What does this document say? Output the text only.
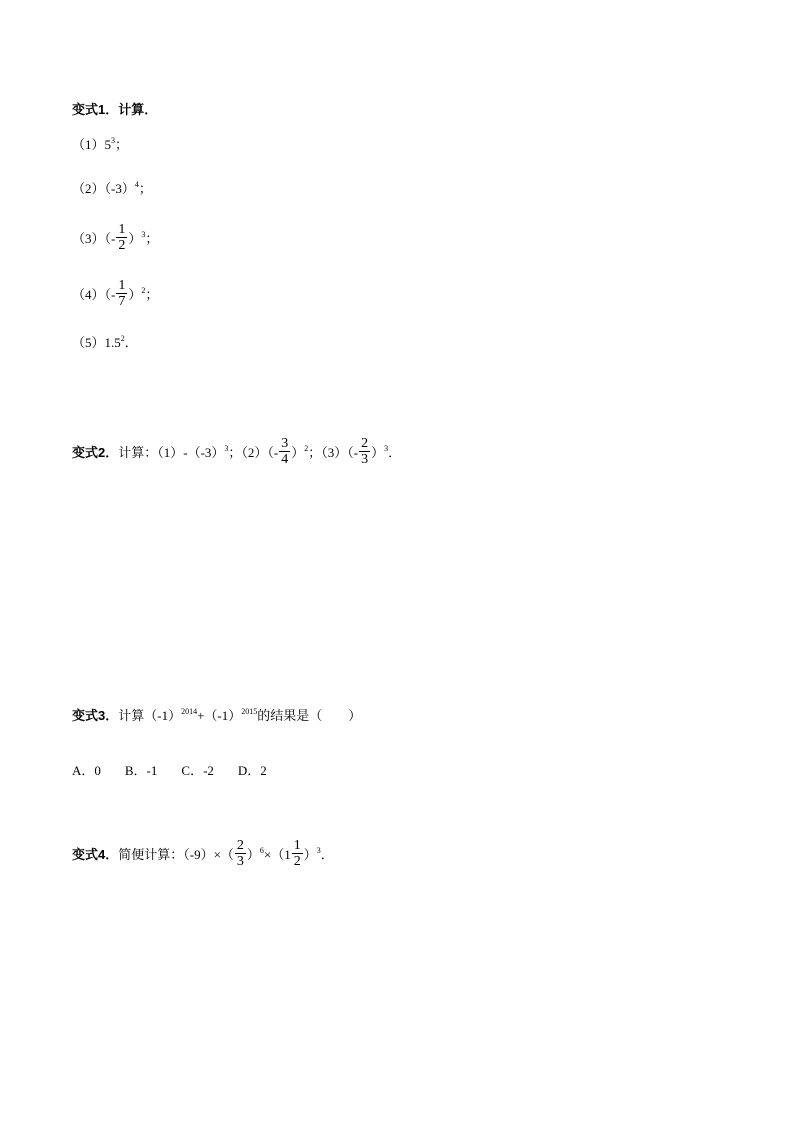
变式1．计算．
$(1)5^3$ ；
$(2)(-3)^4$ ；
$(3)(- \frac{1}{2} )^3$ ；
$(4)(- \frac{1}{7} )^2$ ；
$(5)1.5^2$ ．
变式2． 计算：$(1)-(-3)^3$ ；$(2)(- \frac{3}{4} )^2$ ；$(3)(- \frac{2}{3} )^3$ ．
变式3． 计算$(-1)^{2014} +(-1)^{2015}$ 的结果是（　　）
A．0 B．-1 C．-2 D．2
变式4． 简便计算：$(-9)\times( \frac{2}{3} )^6 \times(1 \frac{1}{2} )^3$ ．
